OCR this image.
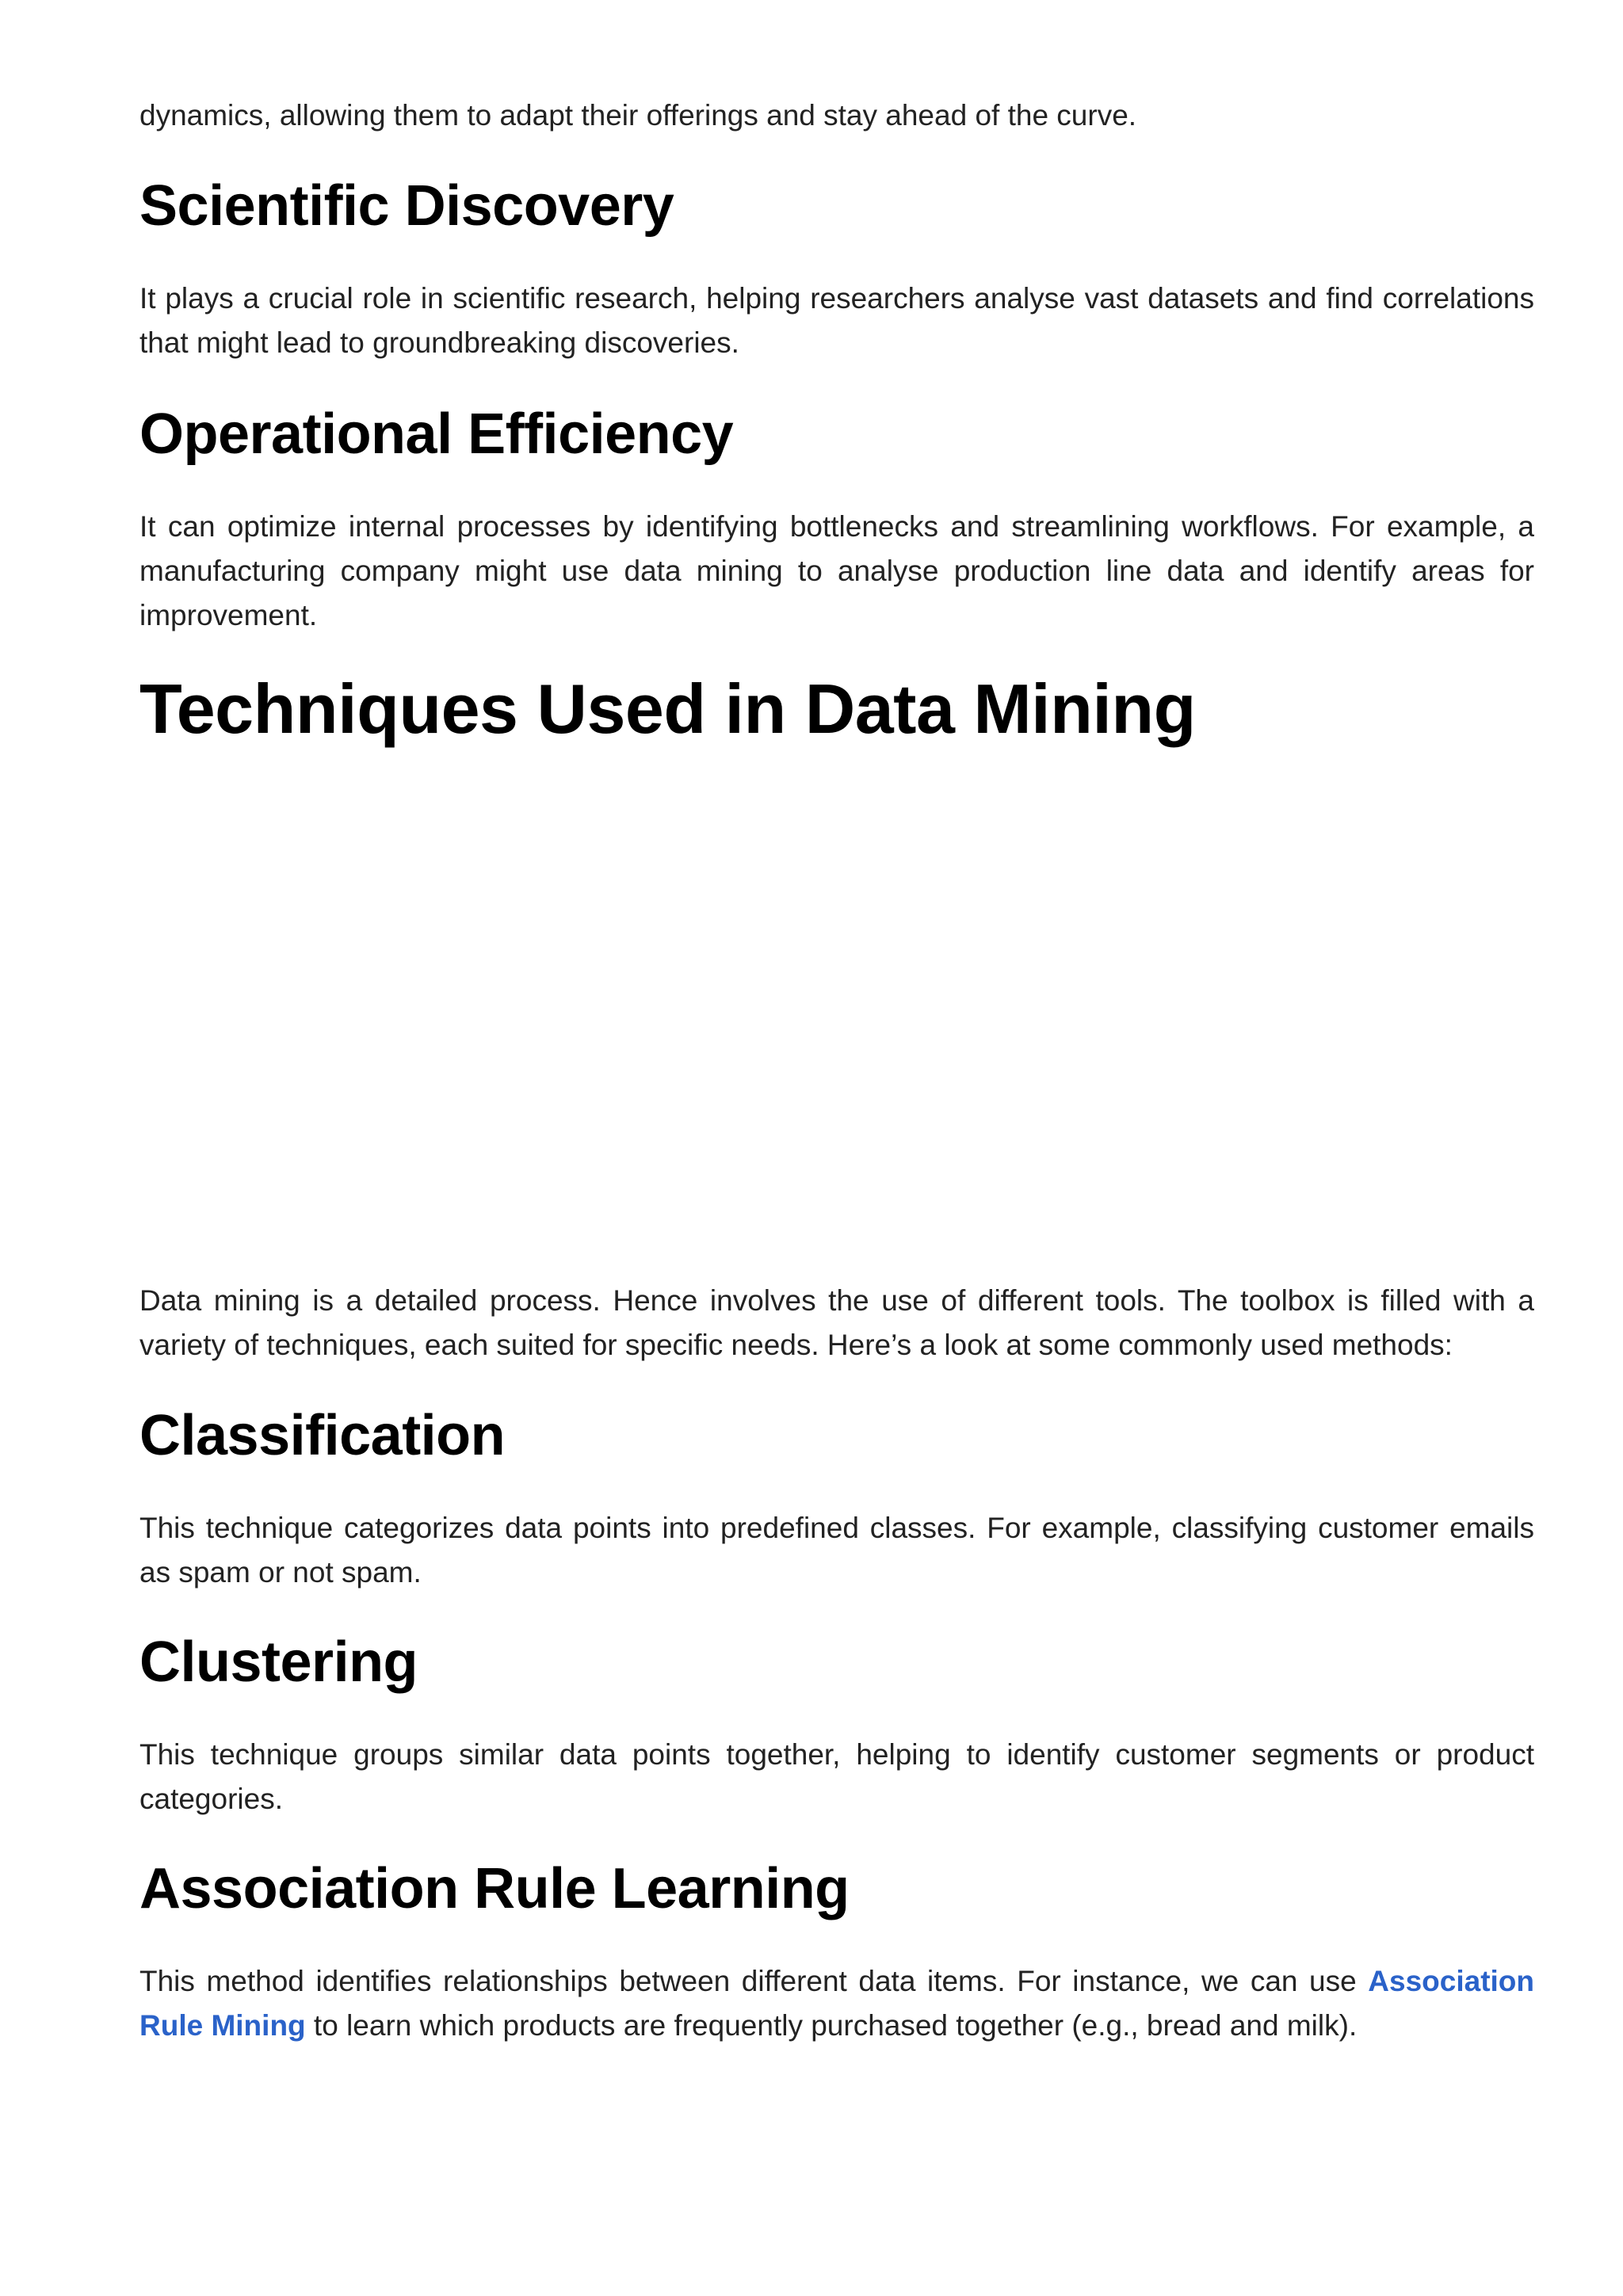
dynamics, allowing them to adapt their offerings and stay ahead of the curve.

Scientific Discovery

It plays a crucial role in scientific research, helping researchers analyse vast datasets and find correlations that might lead to groundbreaking discoveries.

Operational Efficiency

It can optimize internal processes by identifying bottlenecks and streamlining workflows. For example, a manufacturing company might use data mining to analyse production line data and identify areas for improvement.

Techniques Used in Data Mining

Data mining is a detailed process. Hence involves the use of different tools. The toolbox is filled with a variety of techniques, each suited for specific needs. Here’s a look at some commonly used methods:

Classification

This technique categorizes data points into predefined classes. For example, classifying customer emails as spam or not spam.

Clustering

This technique groups similar data points together, helping to identify customer segments or product categories.

Association Rule Learning

This method identifies relationships between different data items. For instance, we can use Association Rule Mining to learn which products are frequently purchased together (e.g., bread and milk).
